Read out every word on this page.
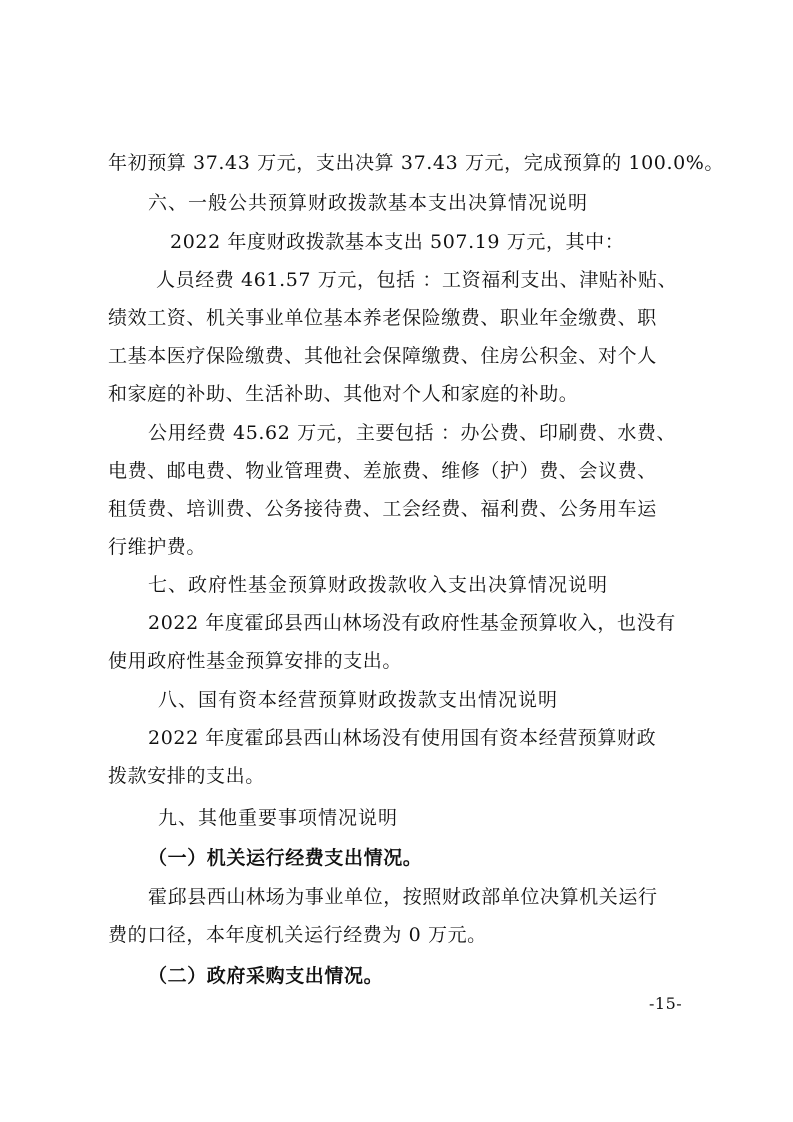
年初预算 37.43 万元，支出决算 37.43 万元，完成预算的 100.0%。
六、一般公共预算财政拨款基本支出决算情况说明
2022 年度财政拨款基本支出 507.19 万元，其中：
人员经费 461.57 万元，包括 ：工资福利支出、津贴补贴、
绩效工资、机关事业单位基本养老保险缴费、职业年金缴费、职
工基本医疗保险缴费、其他社会保障缴费、住房公积金、对个人
和家庭的补助、生活补助、其他对个人和家庭的补助。
公用经费 45.62 万元，主要包括 ：办公费、印刷费、水费、
电费、邮电费、物业管理费、差旅费、维修（护）费、会议费、
租赁费、培训费、公务接待费、工会经费、福利费、公务用车运
行维护费。
七、政府性基金预算财政拨款收入支出决算情况说明
2022 年度霍邱县西山林场没有政府性基金预算收入，也没有
使用政府性基金预算安排的支出。
八、国有资本经营预算财政拨款支出情况说明
2022 年度霍邱县西山林场没有使用国有资本经营预算财政
拨款安排的支出。
九、其他重要事项情况说明
（一）机关运行经费支出情况。
霍邱县西山林场为事业单位，按照财政部单位决算机关运行
费的口径，本年度机关运行经费为 0 万元。
（二）政府采购支出情况。
-15-
